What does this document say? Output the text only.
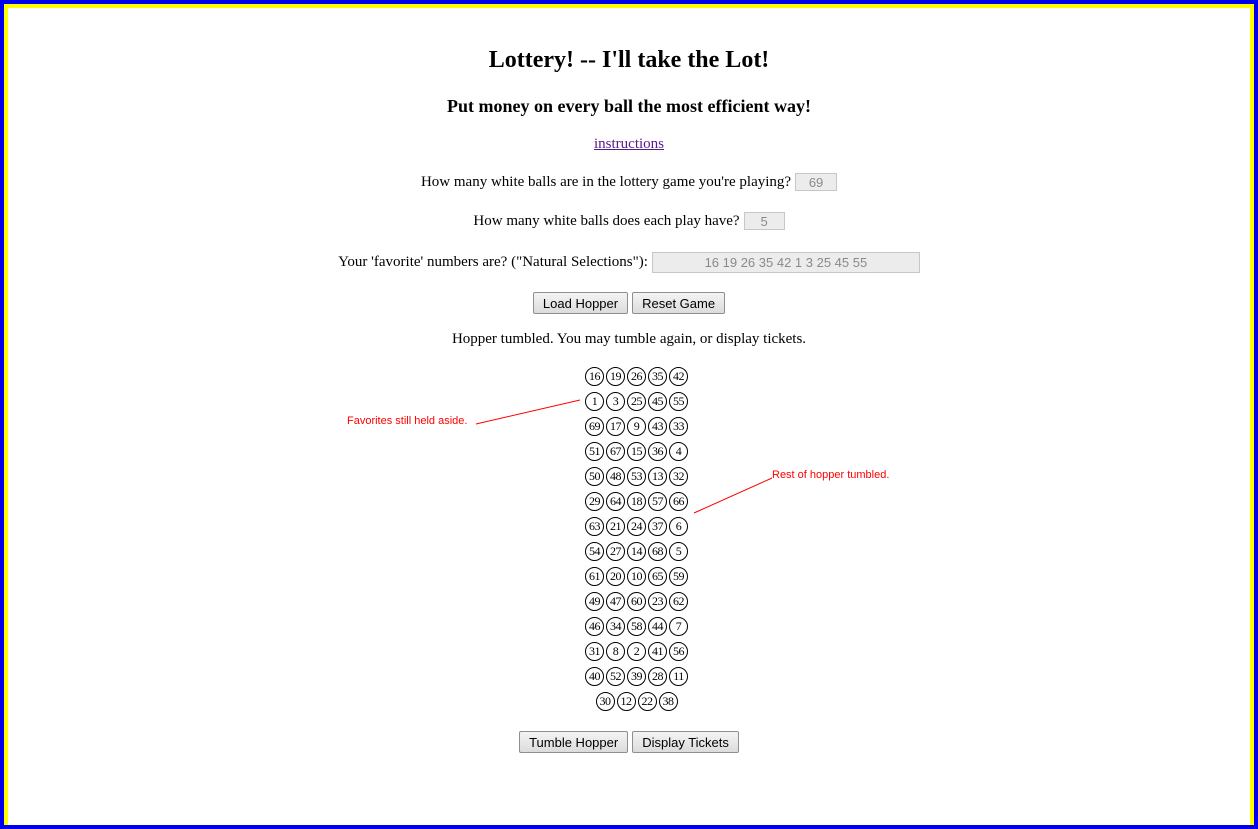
Lottery! -- I'll take the Lot!
Put money on every ball the most efficient way!
instructions
How many white balls are in the lottery game you're playing?
69
How many white balls does each play have?
5
Your 'favorite' numbers are? ("Natural Selections"):
16 19 26 35 42 1 3 25 45 55
Load Hopper	Reset Game
Hopper tumbled. You may tumble again, or display tickets.
Tumble Hopper	Display Tickets
16 19 26 35 42
1	3	25 45 55
69 17	9	43 33
51 67 15 36	4
50 48 53 13 32
29 64 18 57 66
63 21 24 37	6
54 27 14 68	5
61 20 10 65 59
49 47 60 23 62
46 34 58 44	7
31	8	2	41 56
40 52 39 28 11
30 12 22 38
Favorites still held aside.
Rest of hopper tumbled.
